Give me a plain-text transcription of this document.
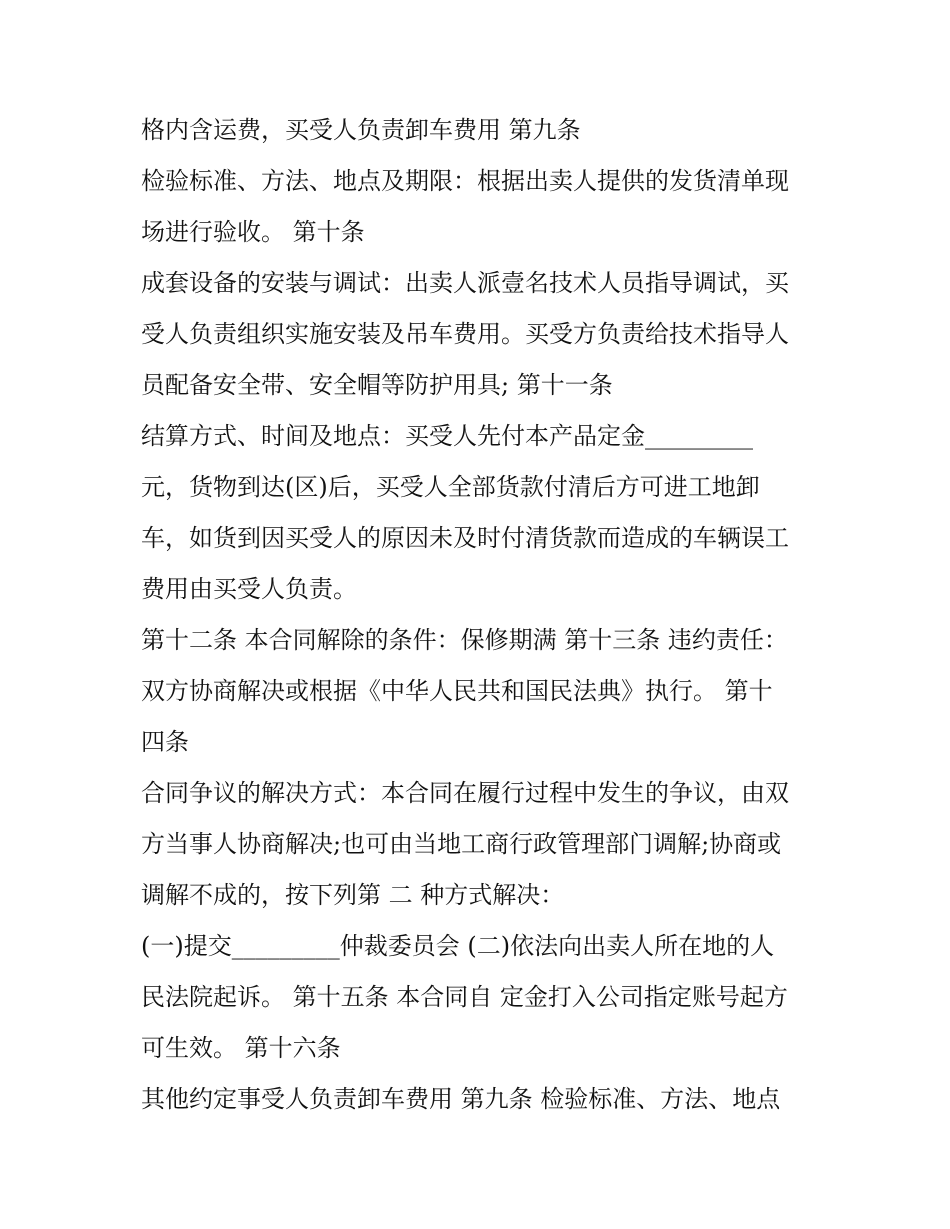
格内含运费，买受人负责卸车费用 第九条
检验标准、方法、地点及期限：根据出卖人提供的发货清单现
场进行验收。 第十条
成套设备的安装与调试：出卖人派壹名技术人员指导调试，买
受人负责组织实施安装及吊车费用。买受方负责给技术指导人
员配备安全带、安全帽等防护用具; 第十一条
结算方式、时间及地点：买受人先付本产品定金_________
元，货物到达(区)后，买受人全部货款付清后方可进工地卸
车，如货到因买受人的原因未及时付清货款而造成的车辆误工
费用由买受人负责。
第十二条 本合同解除的条件：保修期满 第十三条 违约责任：
双方协商解决或根据《中华人民共和国民法典》执行。 第十
四条
合同争议的解决方式：本合同在履行过程中发生的争议，由双
方当事人协商解决;也可由当地工商行政管理部门调解;协商或
调解不成的，按下列第 二 种方式解决：
(一)提交_________仲裁委员会 (二)依法向出卖人所在地的人
民法院起诉。 第十五条 本合同自 定金打入公司指定账号起方
可生效。 第十六条
其他约定事受人负责卸车费用 第九条 检验标准、方法、地点
